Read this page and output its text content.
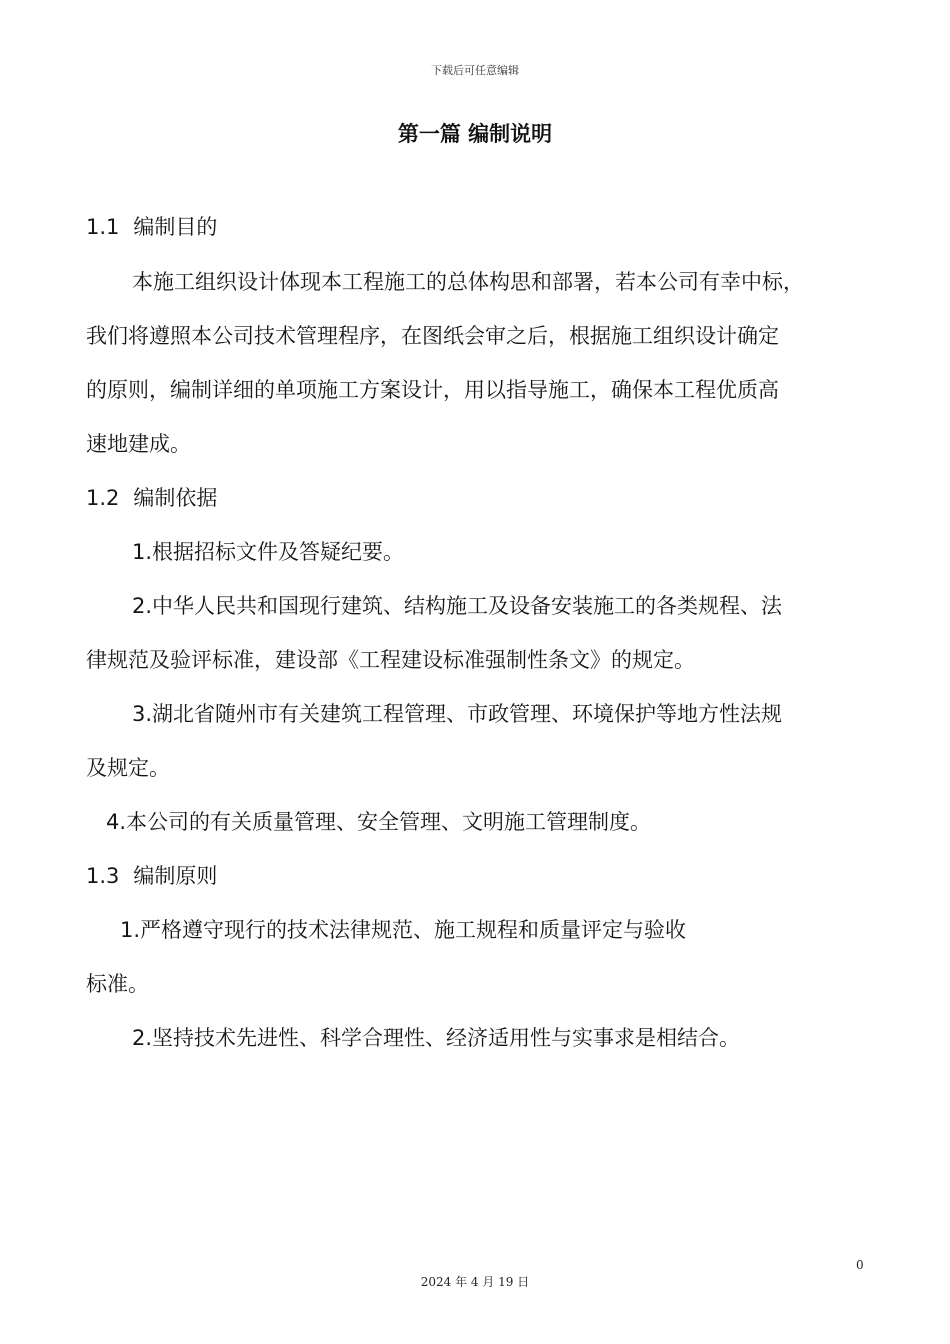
下载后可任意编辑
第一篇 编制说明
1.1 编制目的
本施工组织设计体现本工程施工的总体构思和部署，若本公司有幸中标，
我们将遵照本公司技术管理程序，在图纸会审之后，根据施工组织设计确定
的原则，编制详细的单项施工方案设计，用以指导施工，确保本工程优质高
速地建成。
1.2 编制依据
1.根据招标文件及答疑纪要。
2.中华人民共和国现行建筑、结构施工及设备安装施工的各类规程、法
律规范及验评标准，建设部《工程建设标准强制性条文》的规定。
3.湖北省随州市有关建筑工程管理、市政管理、环境保护等地方性法规
及规定。
4.本公司的有关质量管理、安全管理、文明施工管理制度。
1.3 编制原则
1.严格遵守现行的技术法律规范、施工规程和质量评定与验收
标准。
2.坚持技术先进性、科学合理性、经济适用性与实事求是相结合。
0
2024 年 4 月 19 日
